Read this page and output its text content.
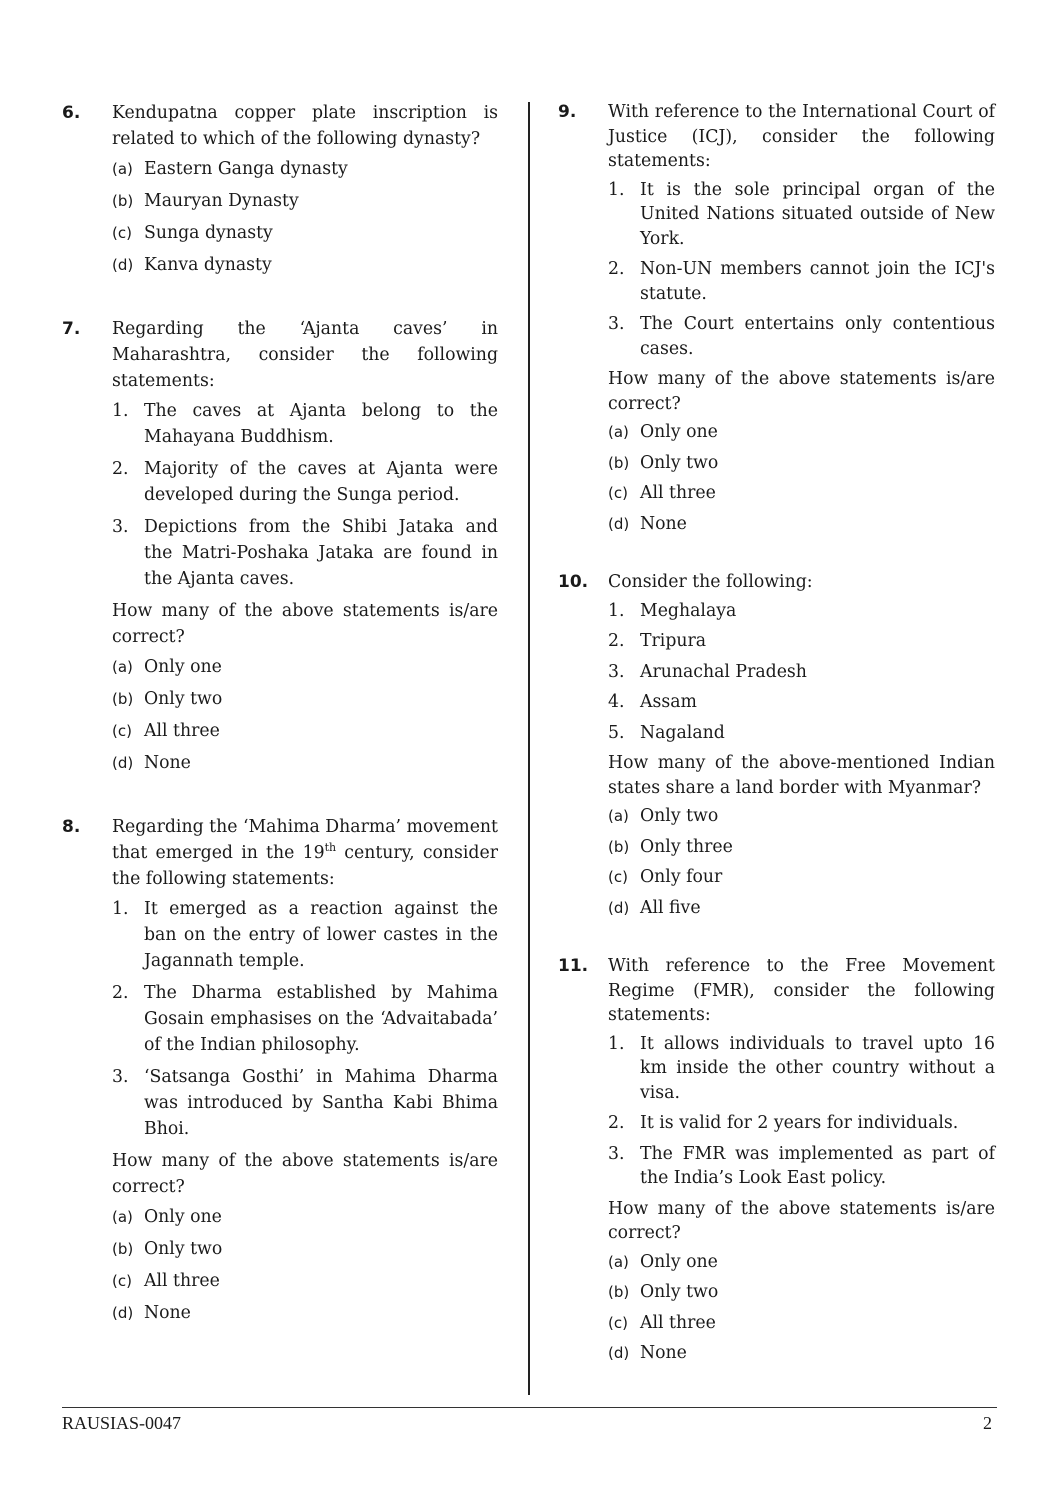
6. Kendupatna copper plate inscription is related to which of the following dynasty?
(a) Eastern Ganga dynasty
(b) Mauryan Dynasty
(c) Sunga dynasty
(d) Kanva dynasty
7. Regarding the ‘Ajanta caves’ in Maharashtra, consider the following statements:
1. The caves at Ajanta belong to the Mahayana Buddhism.
2. Majority of the caves at Ajanta were developed during the Sunga period.
3. Depictions from the Shibi Jataka and the Matri-Poshaka Jataka are found in the Ajanta caves.
How many of the above statements is/are correct?
(a) Only one
(b) Only two
(c) All three
(d) None
8. Regarding the ‘Mahima Dharma’ movement that emerged in the 19th century, consider the following statements:
1. It emerged as a reaction against the ban on the entry of lower castes in the Jagannath temple.
2. The Dharma established by Mahima Gosain emphasises on the ‘Advaitabada’ of the Indian philosophy.
3. ‘Satsanga Gosthi’ in Mahima Dharma was introduced by Santha Kabi Bhima Bhoi.
How many of the above statements is/are correct?
(a) Only one
(b) Only two
(c) All three
(d) None
9. With reference to the International Court of Justice (ICJ), consider the following statements:
1. It is the sole principal organ of the United Nations situated outside of New York.
2. Non-UN members cannot join the ICJ's statute.
3. The Court entertains only contentious cases.
How many of the above statements is/are correct?
(a) Only one
(b) Only two
(c) All three
(d) None
10. Consider the following:
1. Meghalaya
2. Tripura
3. Arunachal Pradesh
4. Assam
5. Nagaland
How many of the above-mentioned Indian states share a land border with Myanmar?
(a) Only two
(b) Only three
(c) Only four
(d) All five
11. With reference to the Free Movement Regime (FMR), consider the following statements:
1. It allows individuals to travel upto 16 km inside the other country without a visa.
2. It is valid for 2 years for individuals.
3. The FMR was implemented as part of the India’s Look East policy.
How many of the above statements is/are correct?
(a) Only one
(b) Only two
(c) All three
(d) None
RAUSIAS-0047	2
